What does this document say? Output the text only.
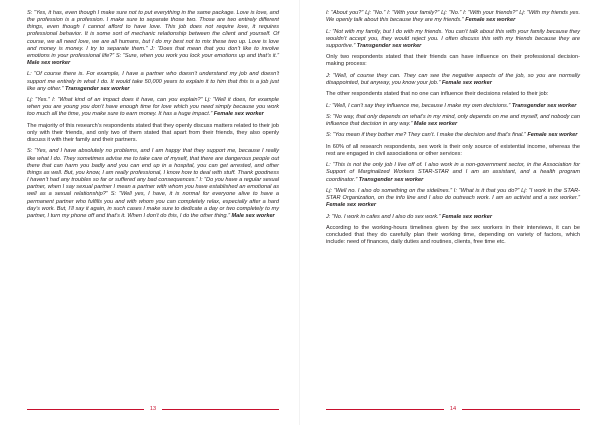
S: “Yes, it has, even though I make sure not to put everything in the same package. Love is love, and the profession is a profession. I make sure to separate those two. Those are two entirely different things, even though I cannot afford to have love. This job does not require love, it requires professional behavior. It is some sort of mechanic relationship between the client and yourself. Of course, we all need love, we are all humans, but I do my best not to mix these two up. Love is love and money is money. I try to separate them.” J: “Does that mean that you don’t like to involve emotions in your professional life?” S: “Sure, when you work you lock your emotions up and that’s it.” Male sex worker

L: “Of course there is. For example, I have a partner who doesn’t understand my job and doesn’t support me entirely in what I do. It would take 50,000 years to explain it to him that this is a job just like any other.” Transgender sex worker

Lj: “Yes.” I: “What kind of an impact does it have, can you explain?” Lj: “Well it does, for example when you are young you don’t have enough time for love which you need simply because you work too much all the time, you make sure to earn money. It has a huge impact.” Female sex worker

The majority of this research’s respondents stated that they openly discuss matters related to their job only with their friends, and only two of them stated that apart from their friends, they also openly discuss it with their family and their partners.

S: “Yes, and I have absolutely no problems, and I am happy that they support me, because I really like what I do. They sometimes advise me to take care of myself, that there are dangerous people out there that can harm you badly and you can end up in a hospital, you can get arrested, and other things as well. But, you know, I am really professional, I know how to deal with stuff. Thank goodness I haven’t had any troubles so far or suffered any bad consequences.” I: “Do you have a regular sexual partner, when I say sexual partner I mean a partner with whom you have established an emotional as well as a sexual relationship?” S: “Well yes, I have, it is normal for everyone alive to have a permanent partner who fulfills you and with whom you can completely relax, especially after a hard day’s work. But, I’ll say it again, in such cases I make sure to dedicate a day or two completely to my partner, I turn my phone off and that’s it. When I don’t do this, I do the other thing.” Male sex worker

13

I: “About you?” Lj: “No.” I: “With your family?” Lj: “No.” I: “With your friends?” Lj: “With my friends yes. We openly talk about this because they are my friends.” Female sex worker

L: “Not with my family, but I do with my friends. You can’t talk about this with your family because they wouldn’t accept you, they would reject you. I often discuss this with my friends because they are supportive.” Transgender sex worker

Only two respondents stated that their friends can have influence on their professional decision-making process:

J: “Well, of course they can. They can see the negative aspects of the job, so you are normally disappointed, but anyway, you know your job.” Female sex worker

The other respondents stated that no one can influence their decisions related to their job:

L: “Well, I can’t say they influence me, because I make my own decisions.” Transgender sex worker

S: “No way, that only depends on what’s in my mind, only depends on me and myself, and nobody can influence that decision in any way.” Male sex worker

S: “You mean if they bother me? They can’t. I make the decision and that’s final.” Female sex worker

In 60% of all research respondents, sex work is their only source of existential income, whereas the rest are engaged in civil associations or other services:

L: “This is not the only job I live off of. I also work in a non-government sector, in the Association for Support of Marginalized Workers STAR-STAR and I am an assistant, and a health program coordinator.” Transgender sex worker

Lj: “Well no. I also do something on the sidelines.” I: “What is it that you do?” Lj: “I work in the STAR-STAR Organization, on the info line and I also do outreach work. I am an activist and a sex worker.” Female sex worker

J: “No. I work in cafes and I also do sex work.” Female sex worker

According to the working-hours timelines given by the sex workers in their interviews, it can be concluded that they do carefully plan their working time, depending on variety of factors, which include: need of finances, daily duties and routines, clients, free time etc.

14
